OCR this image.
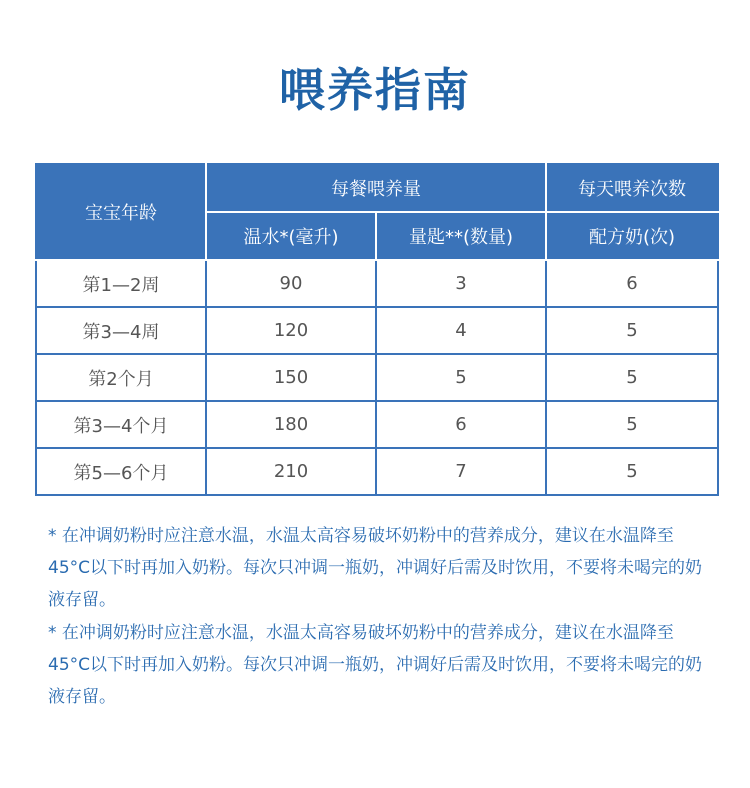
喂养指南
宝宝年龄	每餐喂养量		每天喂养次数
	温水*(毫升)	量匙**(数量)	配方奶(次)
第1—2周	90	3	6
第3—4周	120	4	5
第2个月	150	5	5
第3—4个月	180	6	5
第5—6个月	210	7	5

* 在冲调奶粉时应注意水温，水温太高容易破坏奶粉中的营养成分，建议在水温降至45°C以下时再加入奶粉。每次只冲调一瓶奶，冲调好后需及时饮用，不要将未喝完的奶液存留。

* 在冲调奶粉时应注意水温，水温太高容易破坏奶粉中的营养成分，建议在水温降至45°C以下时再加入奶粉。每次只冲调一瓶奶，冲调好后需及时饮用，不要将未喝完的奶液存留。
